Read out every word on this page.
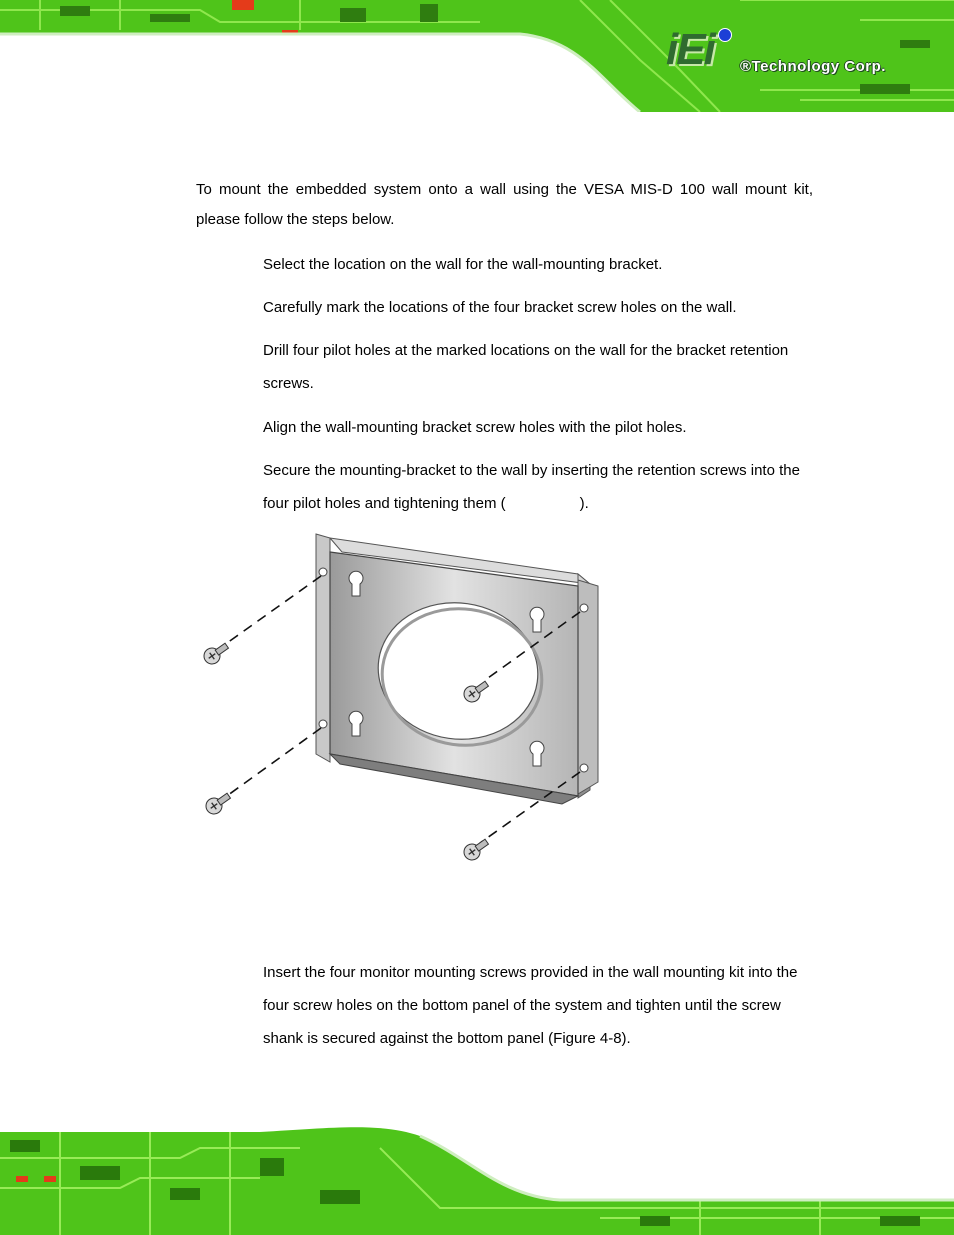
iEi ®Technology Corp.
To mount the embedded system onto a wall using the VESA MIS-D 100 wall mount kit, please follow the steps below.
Select the location on the wall for the wall-mounting bracket.
Carefully mark the locations of the four bracket screw holes on the wall.
Drill four pilot holes at the marked locations on the wall for the bracket retention screws.
Align the wall-mounting bracket screw holes with the pilot holes.
Secure the mounting-bracket to the wall by inserting the retention screws into the four pilot holes and tightening them (	).
Insert the four monitor mounting screws provided in the wall mounting kit into the four screw holes on the bottom panel of the system and tighten until the screw shank is secured against the bottom panel (Figure 4-8).
